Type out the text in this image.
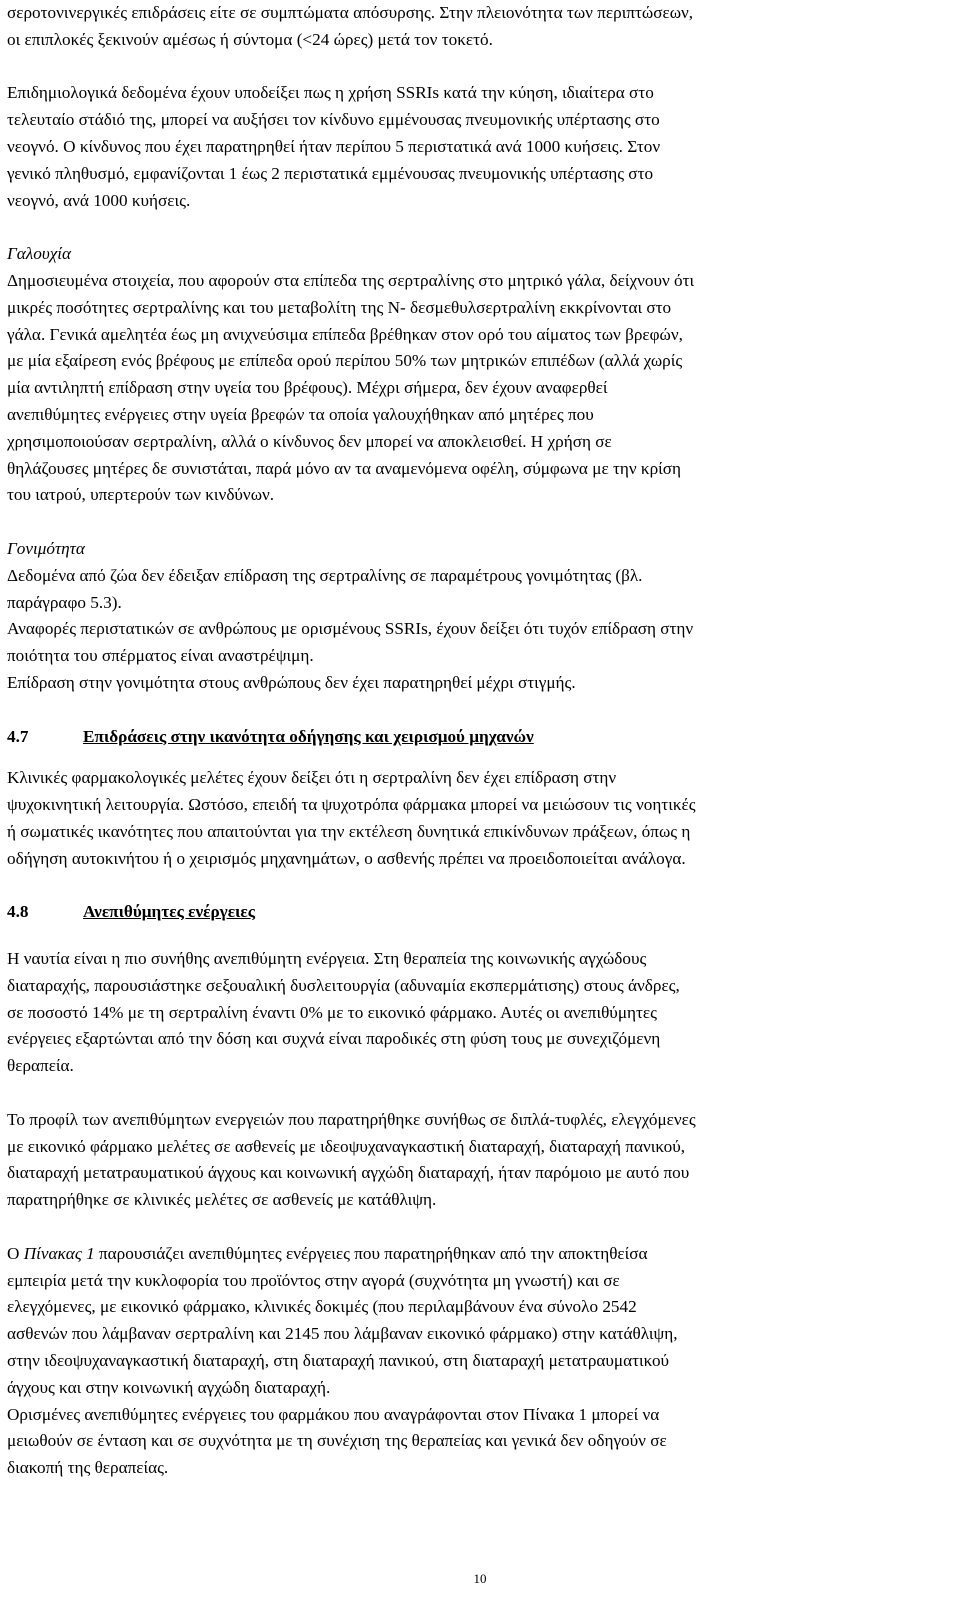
σεροτονινεργικές επιδράσεις είτε σε συμπτώματα απόσυρσης. Στην πλειονότητα των περιπτώσεων,
οι επιπλοκές ξεκινούν αμέσως ή σύντομα (<24 ώρες) μετά τον τοκετό.
Επιδημιολογικά δεδομένα έχουν υποδείξει πως η χρήση SSRIs κατά την κύηση, ιδιαίτερα στο
τελευταίο στάδιό της, μπορεί να αυξήσει τον κίνδυνο εμμένουσας πνευμονικής υπέρτασης στο
νεογνό. Ο κίνδυνος που έχει παρατηρηθεί ήταν περίπου 5 περιστατικά ανά 1000 κυήσεις. Στον
γενικό πληθυσμό, εμφανίζονται 1 έως 2 περιστατικά εμμένουσας πνευμονικής υπέρτασης στο
νεογνό, ανά 1000 κυήσεις.
Γαλουχία
Δημοσιευμένα στοιχεία, που αφορούν στα επίπεδα της σερτραλίνης στο μητρικό γάλα, δείχνουν ότι
μικρές ποσότητες σερτραλίνης και του μεταβολίτη της Ν- δεσμεθυλσερτραλίνη εκκρίνονται στο
γάλα. Γενικά αμελητέα έως μη ανιχνεύσιμα επίπεδα βρέθηκαν στον ορό του αίματος των βρεφών,
με μία εξαίρεση ενός βρέφους με επίπεδα ορού περίπου 50% των μητρικών επιπέδων (αλλά χωρίς
μία αντιληπτή επίδραση στην υγεία του βρέφους). Μέχρι σήμερα, δεν έχουν αναφερθεί
ανεπιθύμητες ενέργειες στην υγεία βρεφών τα οποία γαλουχήθηκαν από μητέρες που
χρησιμοποιούσαν σερτραλίνη, αλλά ο κίνδυνος δεν μπορεί να αποκλεισθεί. Η χρήση σε
θηλάζουσες μητέρες δε συνιστάται, παρά μόνο αν τα αναμενόμενα οφέλη, σύμφωνα με την κρίση
του ιατρού, υπερτερούν των κινδύνων.
Γονιμότητα
Δεδομένα από ζώα δεν έδειξαν επίδραση της σερτραλίνης σε παραμέτρους γονιμότητας (βλ.
παράγραφο 5.3).
Αναφορές περιστατικών σε ανθρώπους με ορισμένους SSRIs, έχουν δείξει ότι τυχόν επίδραση στην
ποιότητα του σπέρματος είναι αναστρέψιμη.
Επίδραση στην γονιμότητα στους ανθρώπους δεν έχει παρατηρηθεί μέχρι στιγμής.
4.7	Επιδράσεις στην ικανότητα οδήγησης και χειρισμού μηχανών
Κλινικές φαρμακολογικές μελέτες έχουν δείξει ότι η σερτραλίνη δεν έχει επίδραση στην
ψυχοκινητική λειτουργία. Ωστόσο, επειδή τα ψυχοτρόπα φάρμακα μπορεί να μειώσουν τις νοητικές
ή σωματικές ικανότητες που απαιτούνται για την εκτέλεση δυνητικά επικίνδυνων πράξεων, όπως η
οδήγηση αυτοκινήτου ή ο χειρισμός μηχανημάτων, ο ασθενής πρέπει να προειδοποιείται ανάλογα.
4.8	Ανεπιθύμητες ενέργειες
Η ναυτία είναι η πιο συνήθης ανεπιθύμητη ενέργεια. Στη θεραπεία της κοινωνικής αγχώδους
διαταραχής, παρουσιάστηκε σεξουαλική δυσλειτουργία (αδυναμία εκσπερμάτισης) στους άνδρες,
σε ποσοστό 14% με τη σερτραλίνη έναντι 0% με το εικονικό φάρμακο. Αυτές οι ανεπιθύμητες
ενέργειες εξαρτώνται από την δόση και συχνά είναι παροδικές στη φύση τους με συνεχιζόμενη
θεραπεία.
Το προφίλ των ανεπιθύμητων ενεργειών που παρατηρήθηκε συνήθως σε διπλά-τυφλές, ελεγχόμενες
με εικονικό φάρμακο μελέτες σε ασθενείς με ιδεοψυχαναγκαστική διαταραχή, διαταραχή πανικού,
διαταραχή μετατραυματικού άγχους και κοινωνική αγχώδη διαταραχή, ήταν παρόμοιο με αυτό που
παρατηρήθηκε σε κλινικές μελέτες σε ασθενείς με κατάθλιψη.
Ο Πίνακας 1 παρουσιάζει ανεπιθύμητες ενέργειες που παρατηρήθηκαν από την αποκτηθείσα
εμπειρία μετά την κυκλοφορία του προϊόντος στην αγορά (συχνότητα μη γνωστή) και σε
ελεγχόμενες, με εικονικό φάρμακο, κλινικές δοκιμές (που περιλαμβάνουν ένα σύνολο 2542
ασθενών που λάμβαναν σερτραλίνη και 2145 που λάμβαναν εικονικό φάρμακο) στην κατάθλιψη,
στην ιδεοψυχαναγκαστική διαταραχή, στη διαταραχή πανικού, στη διαταραχή μετατραυματικού
άγχους και στην κοινωνική αγχώδη διαταραχή.
Ορισμένες ανεπιθύμητες ενέργειες του φαρμάκου που αναγράφονται στον Πίνακα 1 μπορεί να
μειωθούν σε ένταση και σε συχνότητα με τη συνέχιση της θεραπείας και γενικά δεν οδηγούν σε
διακοπή της θεραπείας.
10
